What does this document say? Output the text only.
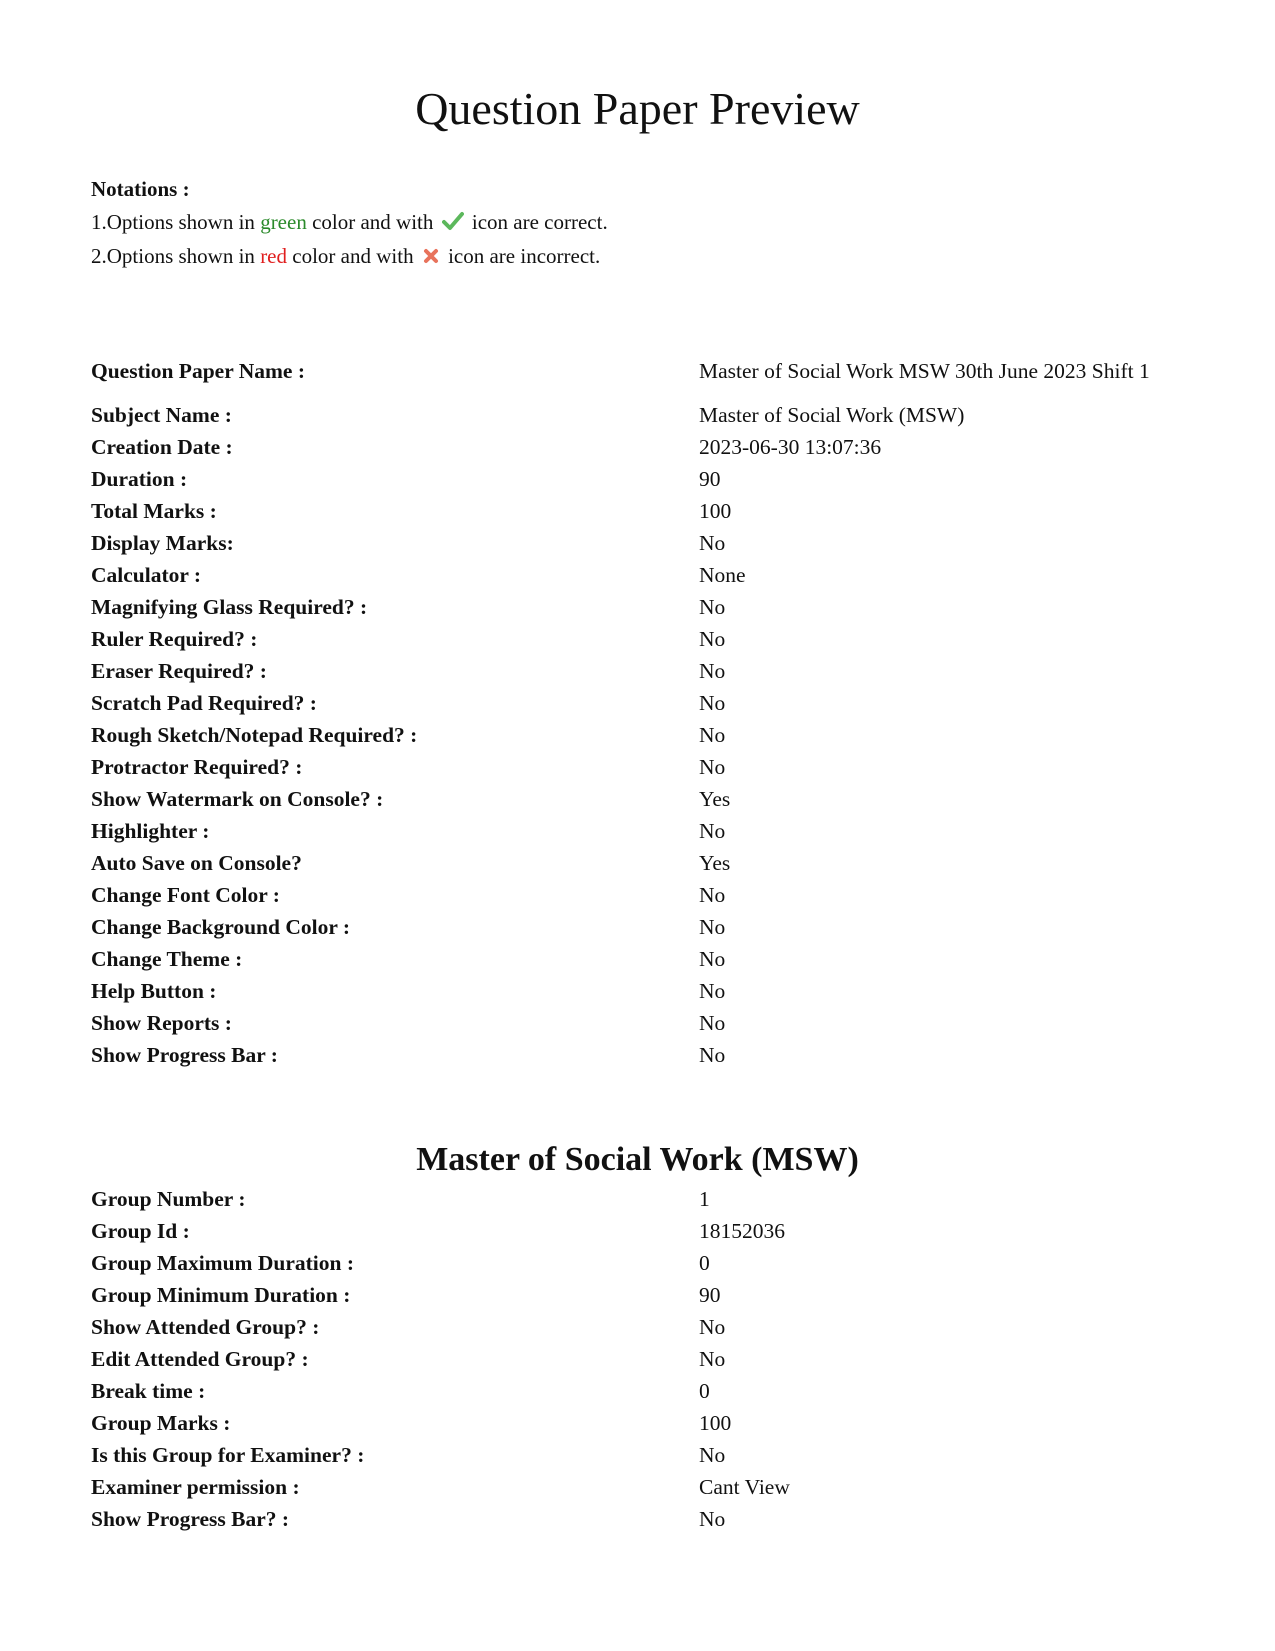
Question Paper Preview
Notations :
1.Options shown in green color and with  icon are correct.
2.Options shown in red color and with  icon are incorrect.
Question Paper Name :	Master of Social Work MSW 30th June 2023 Shift 1
Subject Name :	Master of Social Work (MSW)
Creation Date :	2023-06-30 13:07:36
Duration :	90
Total Marks :	100
Display Marks:	No
Calculator :	None
Magnifying Glass Required? :	No
Ruler Required? :	No
Eraser Required? :	No
Scratch Pad Required? :	No
Rough Sketch/Notepad Required? :	No
Protractor Required? :	No
Show Watermark on Console? :	Yes
Highlighter :	No
Auto Save on Console?	Yes
Change Font Color :	No
Change Background Color :	No
Change Theme :	No
Help Button :	No
Show Reports :	No
Show Progress Bar :	No
Master of Social Work (MSW)
Group Number :	1
Group Id :	18152036
Group Maximum Duration :	0
Group Minimum Duration :	90
Show Attended Group? :	No
Edit Attended Group? :	No
Break time :	0
Group Marks :	100
Is this Group for Examiner? :	No
Examiner permission :	Cant View
Show Progress Bar? :	No
